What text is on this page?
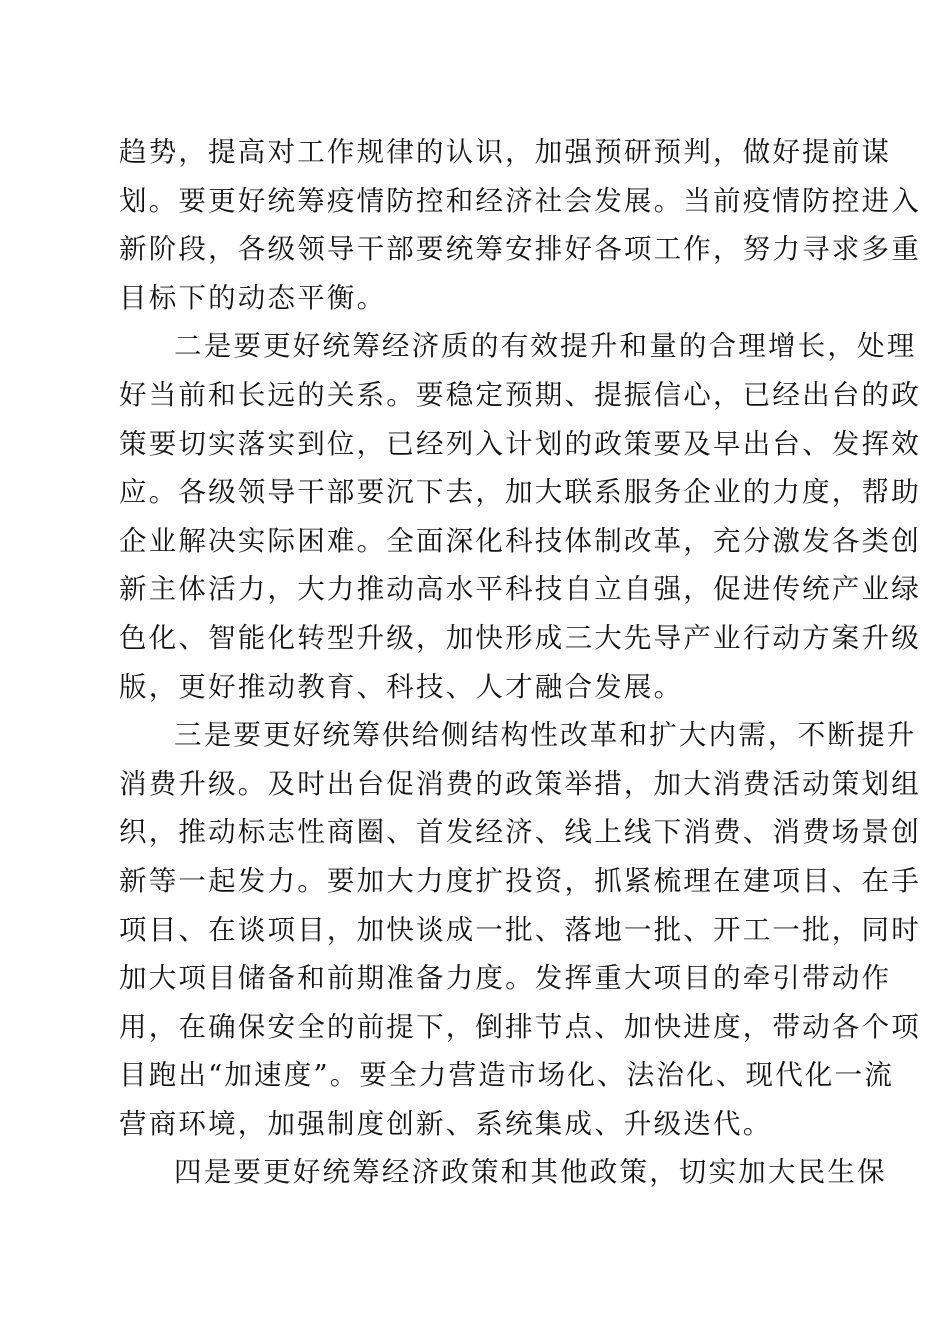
趋势，提高对工作规律的认识，加强预研预判，做好提前谋
划。要更好统筹疫情防控和经济社会发展。当前疫情防控进入
新阶段，各级领导干部要统筹安排好各项工作，努力寻求多重
目标下的动态平衡。

二是要更好统筹经济质的有效提升和量的合理增长，处理
好当前和长远的关系。要稳定预期、提振信心，已经出台的政
策要切实落实到位，已经列入计划的政策要及早出台、发挥效
应。各级领导干部要沉下去，加大联系服务企业的力度，帮助
企业解决实际困难。全面深化科技体制改革，充分激发各类创
新主体活力，大力推动高水平科技自立自强，促进传统产业绿
色化、智能化转型升级，加快形成三大先导产业行动方案升级
版，更好推动教育、科技、人才融合发展。

三是要更好统筹供给侧结构性改革和扩大内需，不断提升
消费升级。及时出台促消费的政策举措，加大消费活动策划组
织，推动标志性商圈、首发经济、线上线下消费、消费场景创
新等一起发力。要加大力度扩投资，抓紧梳理在建项目、在手
项目、在谈项目，加快谈成一批、落地一批、开工一批，同时
加大项目储备和前期准备力度。发挥重大项目的牵引带动作
用，在确保安全的前提下，倒排节点、加快进度，带动各个项
目跑出“加速度”。要全力营造市场化、法治化、现代化一流
营商环境，加强制度创新、系统集成、升级迭代。

四是要更好统筹经济政策和其他政策，切实加大民生保
